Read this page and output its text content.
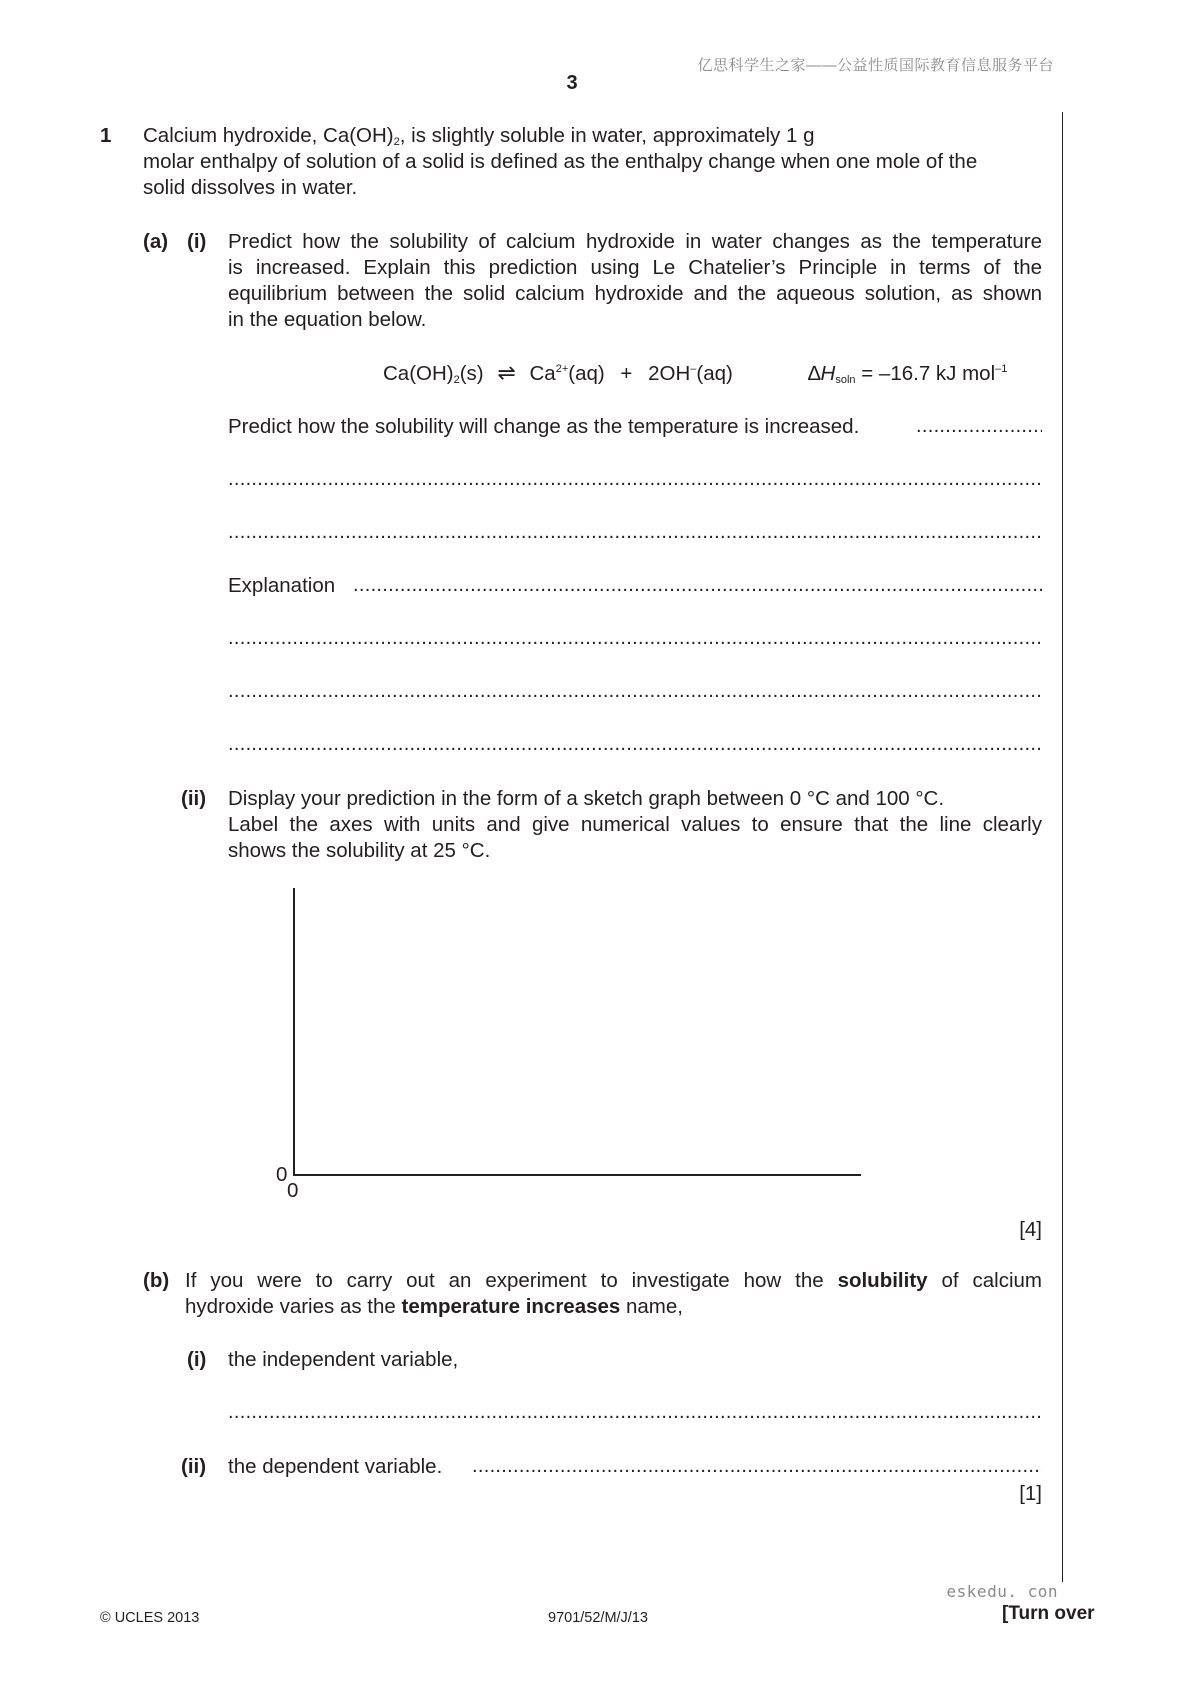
亿思科学生之家——公益性质国际教育信息服务平台
3
1 Calcium hydroxide, $Ca(OH)_2$, is slightly soluble in water, approximately 1 g
molar enthalpy of solution of a solid is defined as the enthalpy change when one mole of the
solid dissolves in water.
(a) (i) Predict how the solubility of calcium hydroxide in water changes as the temperature
is increased. Explain this prediction using Le Chatelier’s Principle in terms of the
equilibrium between the solid calcium hydroxide and the aqueous solution, as shown
in the equation below.
$Ca(OH)_2(s)$ ⇌ $Ca^{2+}(aq) + 2OH^-(aq)$	$\Delta H_{soln} = -16.7$ kJ mol$^{-1}$
Predict how the solubility will change as the temperature is increased.
.....
.....
.....
Explanation
.....
.....
.....
.....
(ii) Display your prediction in the form of a sketch graph between 0 °C and 100 °C.
Label the axes with units and give numerical values to ensure that the line clearly
shows the solubility at 25 °C.
0
0
[4]
(b) If you were to carry out an experiment to investigate how the solubility of calcium
hydroxide varies as the temperature increases name,
(i) the independent variable,
.....
(ii) the dependent variable.
.....
[1]
eskedu. con
© UCLES 2013	9701/52/M/J/13	[Turn over
